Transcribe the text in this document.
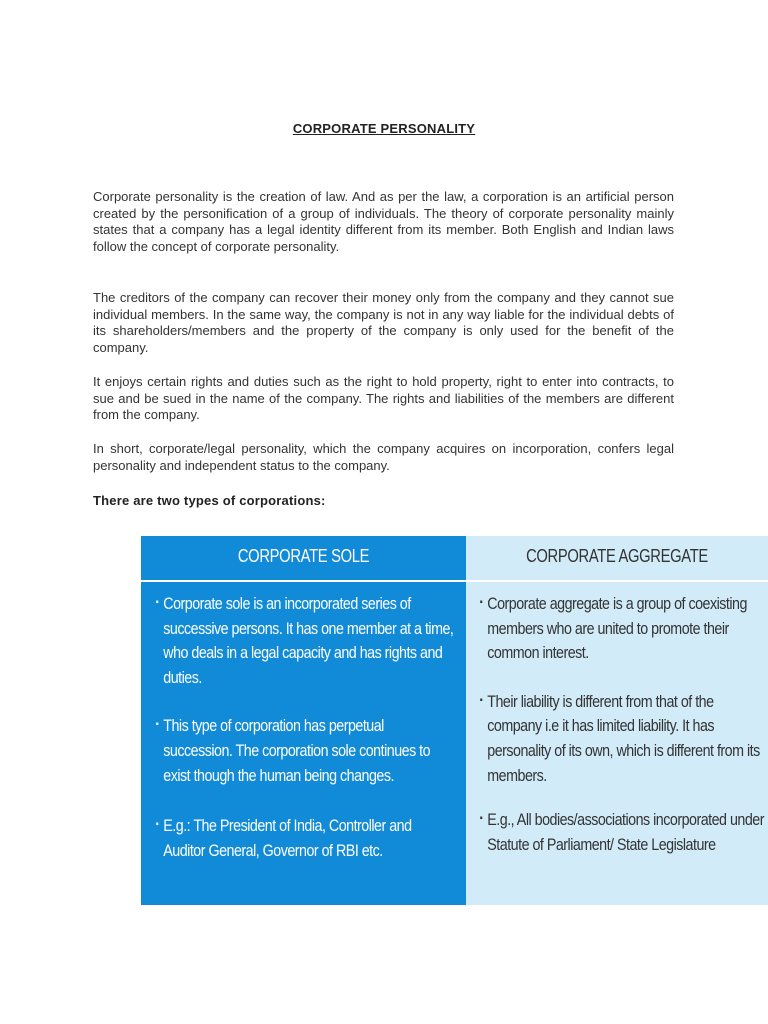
CORPORATE PERSONALITY

Corporate personality is the creation of law. And as per the law, a corporation is an artificial person created by the personification of a group of individuals. The theory of corporate personality mainly states that a company has a legal identity different from its member. Both English and Indian laws follow the concept of corporate personality.

The creditors of the company can recover their money only from the company and they cannot sue individual members. In the same way, the company is not in any way liable for the individual debts of its shareholders/members and the property of the company is only used for the benefit of the company.

It enjoys certain rights and duties such as the right to hold property, right to enter into contracts, to sue and be sued in the name of the company. The rights and liabilities of the members are different from the company.

In short, corporate/legal personality, which the company acquires on incorporation, confers legal personality and independent status to the company.

There are two types of corporations:
CORPORATE SOLE
▪ Corporate sole is an incorporated series of successive persons. It has one member at a time, who deals in a legal capacity and has rights and duties.
▪ This type of corporation has perpetual succession. The corporation sole continues to exist though the human being changes.
▪ E.g.: The President of India, Controller and Auditor General, Governor of RBI etc.
CORPORATE AGGREGATE
▪ Corporate aggregate is a group of coexisting members who are united to promote their common interest.
▪ Their liability is different from that of the company i.e it has limited liability. It has personality of its own, which is different from its members.
▪ E.g., All bodies/associations incorporated under Statute of Parliament/ State Legislature
